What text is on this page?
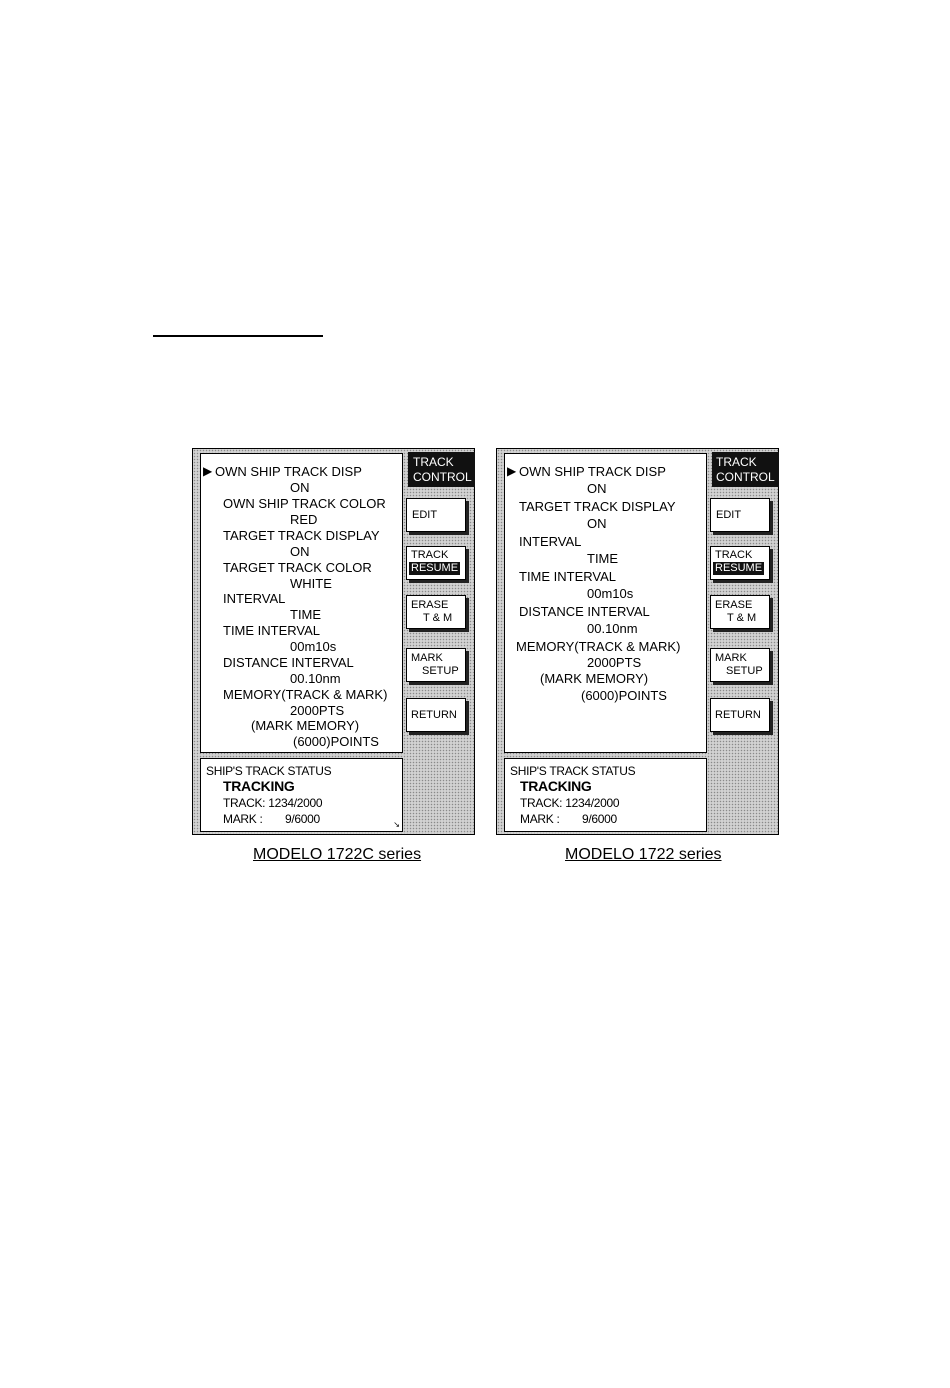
▶ OWN SHIP TRACK DISP
ON
OWN SHIP TRACK COLOR
RED
TARGET TRACK DISPLAY
ON
TARGET TRACK COLOR
WHITE
INTERVAL
TIME
TIME INTERVAL
00m10s
DISTANCE INTERVAL
00.10nm
MEMORY(TRACK & MARK)
2000PTS
(MARK MEMORY)
(6000)POINTS
SHIP'S TRACK STATUS
TRACKING
TRACK: 1234/2000
MARK : 9/6000	↘
TRACK
CONTROL
EDIT
TRACK
RESUME
ERASE
T & M
MARK
SETUP
RETURN
▶ OWN SHIP TRACK DISP
ON
TARGET TRACK DISPLAY
ON
INTERVAL
TIME
TIME INTERVAL
00m10s
DISTANCE INTERVAL
00.10nm
MEMORY(TRACK & MARK)
2000PTS
(MARK MEMORY)
(6000)POINTS
SHIP'S TRACK STATUS
TRACKING
TRACK: 1234/2000
MARK : 9/6000
TRACK
CONTROL
EDIT
TRACK
RESUME
ERASE
T & M
MARK
SETUP
RETURN
MODELO 1722C series	MODELO 1722 series
